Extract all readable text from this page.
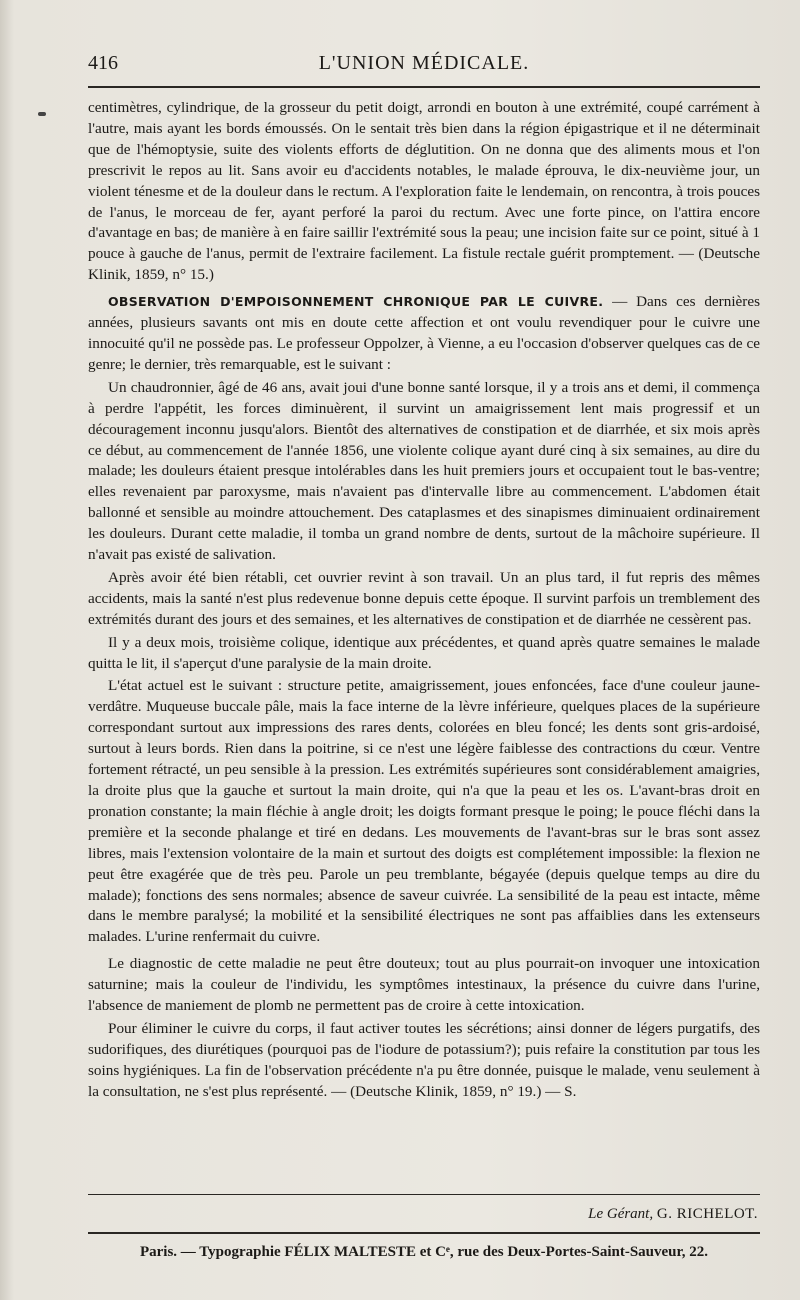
416	L'UNION MÉDICALE.

centimètres, cylindrique, de la grosseur du petit doigt, arrondi en bouton à une extrémité, coupé carrément à l'autre, mais ayant les bords émoussés. On le sentait très bien dans la région épigastrique et il ne déterminait que de l'hémoptysie, suite des violents efforts de déglutition. On ne donna que des aliments mous et l'on prescrivit le repos au lit. Sans avoir eu d'accidents notables, le malade éprouva, le dix-neuvième jour, un violent ténesme et de la douleur dans le rectum. A l'exploration faite le lendemain, on rencontra, à trois pouces de l'anus, le morceau de fer, ayant perforé la paroi du rectum. Avec une forte pince, on l'attira encore d'avantage en bas; de manière à en faire saillir l'extrémité sous la peau; une incision faite sur ce point, situé à 1 pouce à gauche de l'anus, permit de l'extraire facilement. La fistule rectale guérit promptement. — (Deutsche Klinik, 1859, n° 15.)

OBSERVATION D'EMPOISONNEMENT CHRONIQUE PAR LE CUIVRE. — Dans ces dernières années, plusieurs savants ont mis en doute cette affection et ont voulu revendiquer pour le cuivre une innocuité qu'il ne possède pas. Le professeur Oppolzer, à Vienne, a eu l'occasion d'observer quelques cas de ce genre; le dernier, très remarquable, est le suivant :

Un chaudronnier, âgé de 46 ans, avait joui d'une bonne santé lorsque, il y a trois ans et demi, il commença à perdre l'appétit, les forces diminuèrent, il survint un amaigrissement lent mais progressif et un découragement inconnu jusqu'alors. Bientôt des alternatives de constipation et de diarrhée, et six mois après ce début, au commencement de l'année 1856, une violente colique ayant duré cinq à six semaines, au dire du malade; les douleurs étaient presque intolérables dans les huit premiers jours et occupaient tout le bas-ventre; elles revenaient par paroxysme, mais n'avaient pas d'intervalle libre au commencement. L'abdomen était ballonné et sensible au moindre attouchement. Des cataplasmes et des sinapismes diminuaient ordinairement les douleurs. Durant cette maladie, il tomba un grand nombre de dents, surtout de la mâchoire supérieure. Il n'avait pas existé de salivation.

Après avoir été bien rétabli, cet ouvrier revint à son travail. Un an plus tard, il fut repris des mêmes accidents, mais la santé n'est plus redevenue bonne depuis cette époque. Il survint parfois un tremblement des extrémités durant des jours et des semaines, et les alternatives de constipation et de diarrhée ne cessèrent pas.

Il y a deux mois, troisième colique, identique aux précédentes, et quand après quatre semaines le malade quitta le lit, il s'aperçut d'une paralysie de la main droite.

L'état actuel est le suivant : structure petite, amaigrissement, joues enfoncées, face d'une couleur jaune-verdâtre. Muqueuse buccale pâle, mais la face interne de la lèvre inférieure, quelques places de la supérieure correspondant surtout aux impressions des rares dents, colorées en bleu foncé; les dents sont gris-ardoisé, surtout à leurs bords. Rien dans la poitrine, si ce n'est une légère faiblesse des contractions du cœur. Ventre fortement rétracté, un peu sensible à la pression. Les extrémités supérieures sont considérablement amaigries, la droite plus que la gauche et surtout la main droite, qui n'a que la peau et les os. L'avant-bras droit en pronation constante; la main fléchie à angle droit; les doigts formant presque le poing; le pouce fléchi dans la première et la seconde phalange et tiré en dedans. Les mouvements de l'avant-bras sur le bras sont assez libres, mais l'extension volontaire de la main et surtout des doigts est complétement impossible: la flexion ne peut être exagérée que de très peu. Parole un peu tremblante, bégayée (depuis quelque temps au dire du malade); fonctions des sens normales; absence de saveur cuivrée. La sensibilité de la peau est intacte, même dans le membre paralysé; la mobilité et la sensibilité électriques ne sont pas affaiblies dans les extenseurs malades. L'urine renfermait du cuivre.

Le diagnostic de cette maladie ne peut être douteux; tout au plus pourrait-on invoquer une intoxication saturnine; mais la couleur de l'individu, les symptômes intestinaux, la présence du cuivre dans l'urine, l'absence de maniement de plomb ne permettent pas de croire à cette intoxication.

Pour éliminer le cuivre du corps, il faut activer toutes les sécrétions; ainsi donner de légers purgatifs, des sudorifiques, des diurétiques (pourquoi pas de l'iodure de potassium?); puis refaire la constitution par tous les soins hygiéniques. La fin de l'observation précédente n'a pu être donnée, puisque le malade, venu seulement à la consultation, ne s'est plus représenté. — (Deutsche Klinik, 1859, n° 19.) — S.

Le Gérant, G. RICHELOT.
Paris. — Typographie FÉLIX MALTESTE et Cᵉ, rue des Deux-Portes-Saint-Sauveur, 22.
